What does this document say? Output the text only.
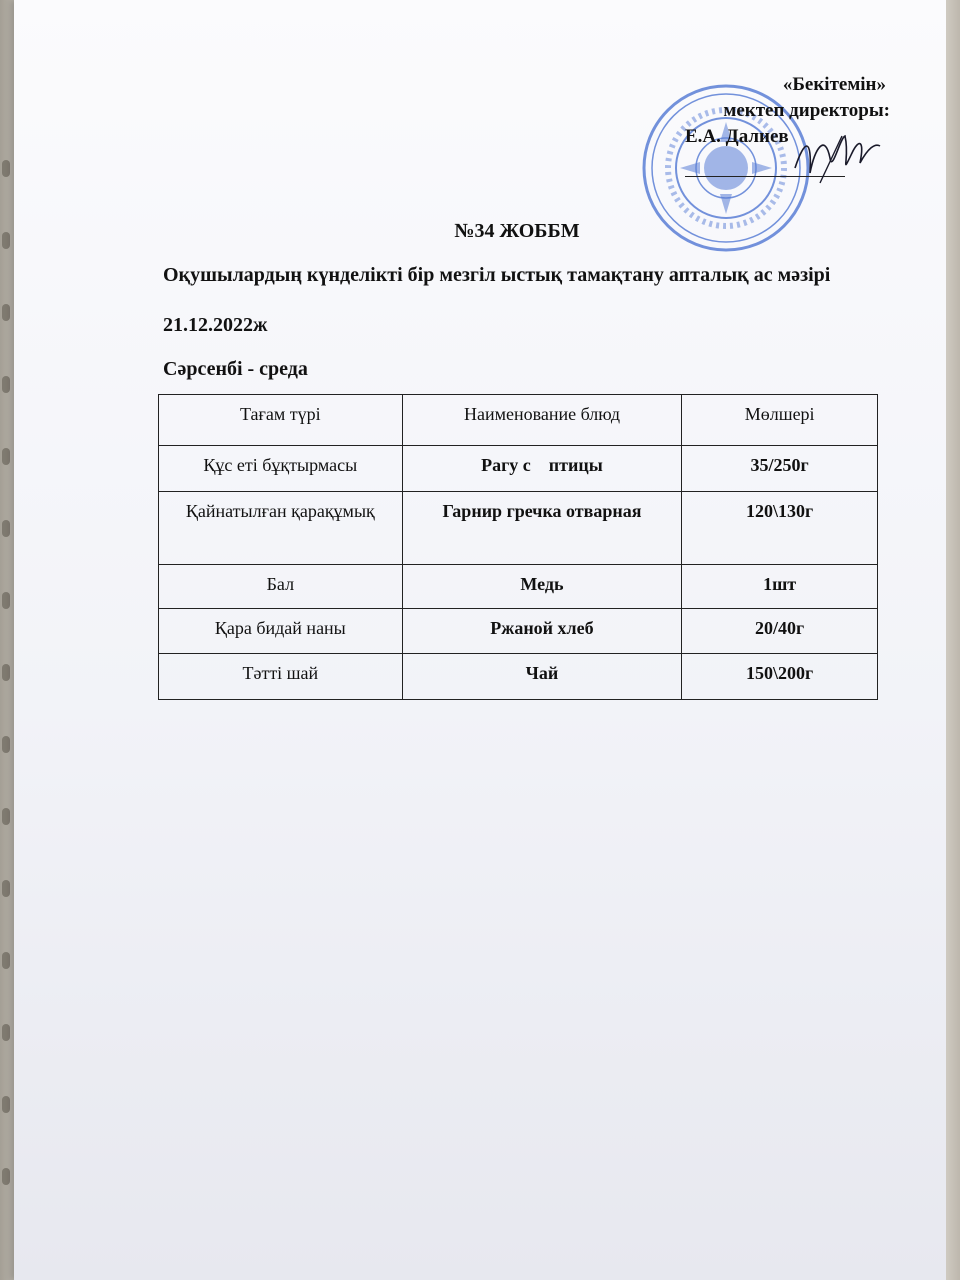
«Бекітемін»
мектеп директоры:
Е.А. Далиев
№34 ЖОББМ
Оқушылардың күнделікті бір мезгіл ыстық тамақтану апталық ас мәзірі
21.12.2022ж
Сәрсенбі - среда
Тағам түрі	Наименование блюд	Мөлшері
Құс еті бұқтырмасы	Рагу с    птицы	35/250г
Қайнатылған қарақұмық	Гарнир гречка отварная	120\130г
Бал	Медь	1шт
Қара бидай наны	Ржаной хлеб	20/40г
Тәтті шай	Чай	150\200г
